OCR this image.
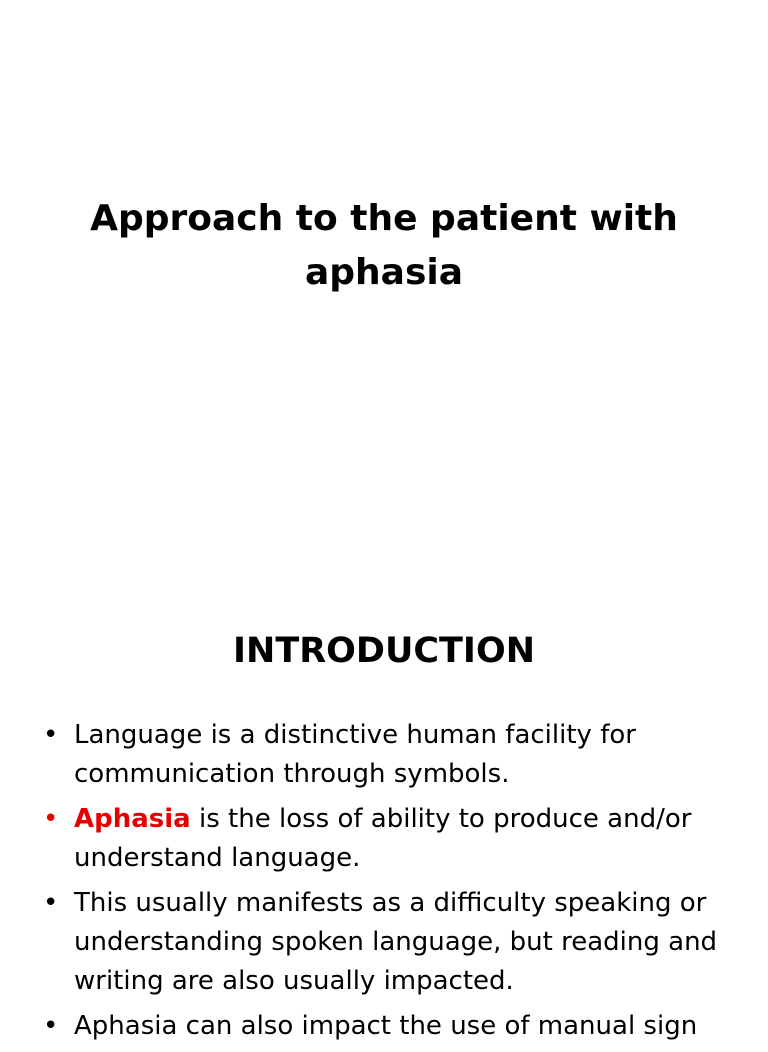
Approach to the patient with
aphasia
INTRODUCTION
• Language is a distinctive human facility for communication through symbols.
• Aphasia is the loss of ability to produce and/or understand language.
• This usually manifests as a difficulty speaking or understanding spoken language, but reading and writing are also usually impacted.
• Aphasia can also impact the use of manual sign
